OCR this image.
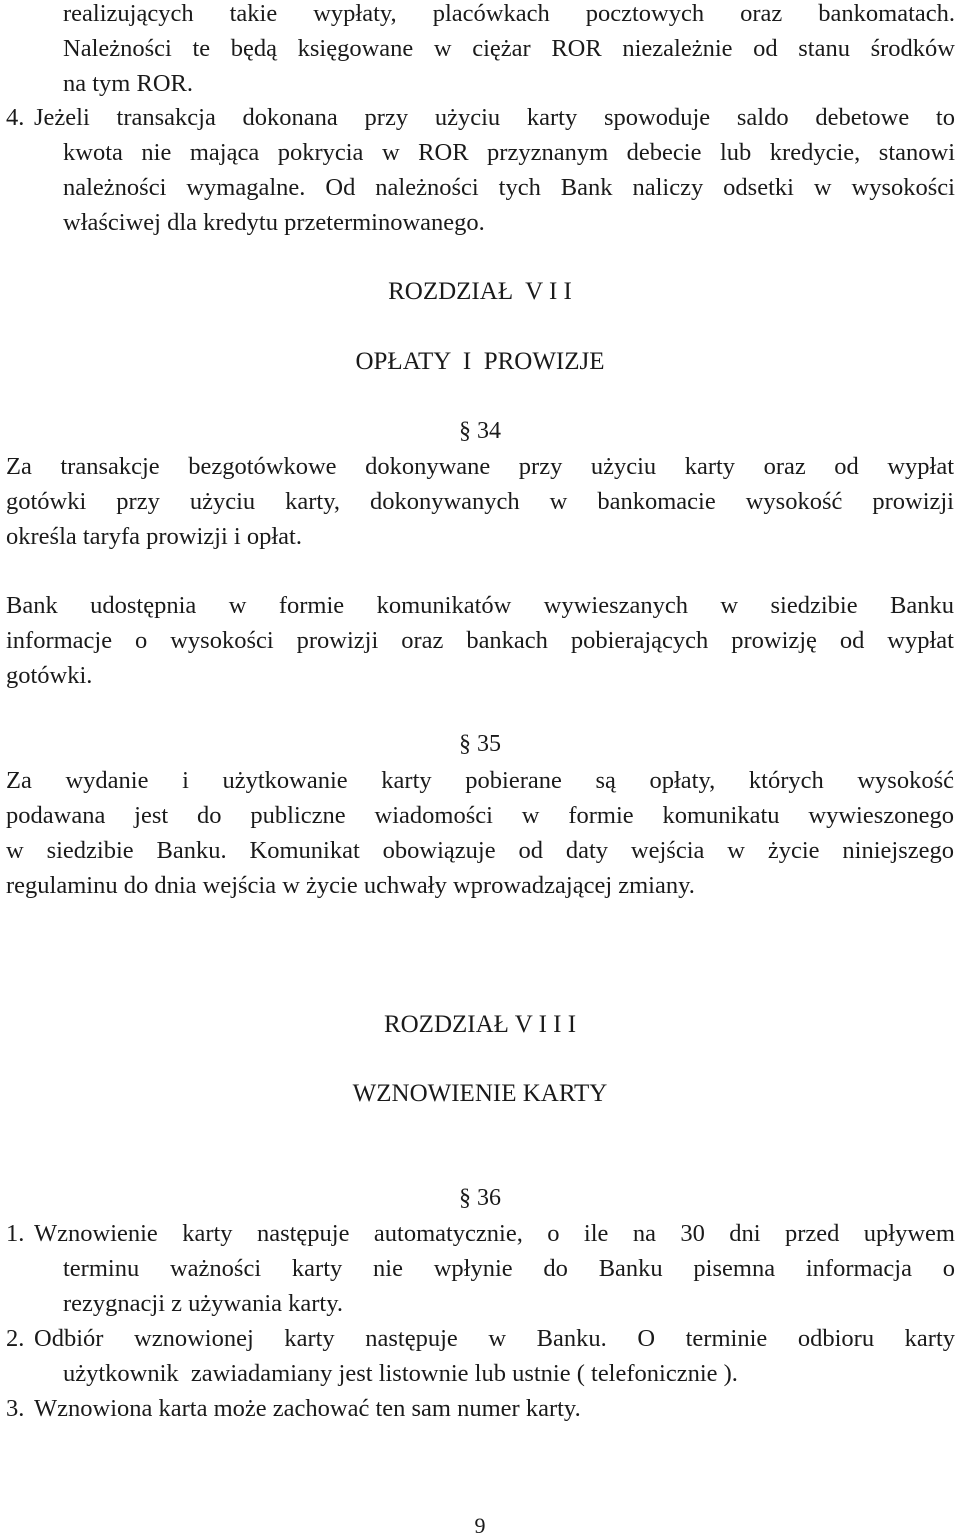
realizujących takie wypłaty, placówkach pocztowych oraz bankomatach.

Należności te będą księgowane w ciężar ROR niezależnie od stanu środków

na tym ROR.

4. Jeżeli transakcja dokonana przy użyciu karty spowoduje saldo debetowe to

kwota nie mająca pokrycia w ROR przyznanym debecie lub kredycie, stanowi

należności wymagalne. Od należności tych Bank naliczy odsetki w wysokości

właściwej dla kredytu przeterminowanego.

ROZDZIAŁ  V I I

OPŁATY  I  PROWIZJE

§ 34

Za transakcje bezgotówkowe dokonywane przy użyciu karty oraz od wypłat

gotówki przy użyciu karty, dokonywanych w bankomacie wysokość prowizji

określa taryfa prowizji i opłat.

Bank udostępnia w formie komunikatów wywieszanych w siedzibie Banku

informacje o wysokości prowizji oraz bankach pobierających prowizję od wypłat

gotówki.

§ 35

Za wydanie i użytkowanie karty pobierane są opłaty, których wysokość

podawana jest do publiczne wiadomości w formie komunikatu wywieszonego

w siedzibie Banku. Komunikat obowiązuje od daty wejścia w życie niniejszego

regulaminu do dnia wejścia w życie uchwały wprowadzającej zmiany.

ROZDZIAŁ V I I I

WZNOWIENIE KARTY

§ 36

1. Wznowienie karty następuje automatycznie, o ile na 30 dni przed upływem

terminu ważności karty nie wpłynie do Banku pisemna informacja o

rezygnacji z używania karty.

2. Odbiór wznowionej karty następuje w Banku. O terminie odbioru karty

użytkownik  zawiadamiany jest listownie lub ustnie ( telefonicznie ).

3. Wznowiona karta może zachować ten sam numer karty.

9
